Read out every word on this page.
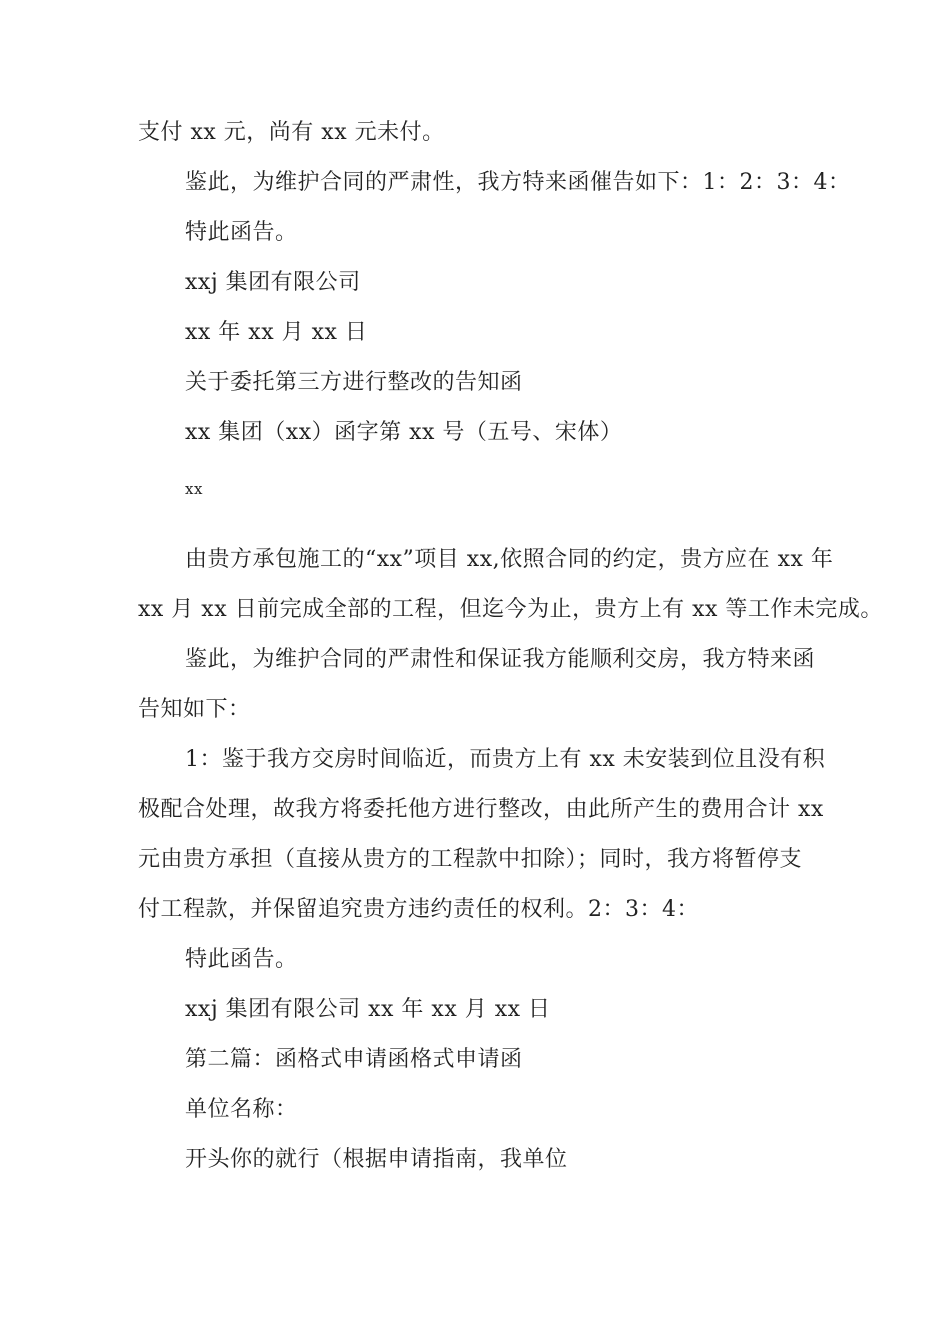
支付 xx 元，尚有 xx 元未付。
鉴此，为维护合同的严肃性，我方特来函催告如下：1：2：3：4：
特此函告。
xxj 集团有限公司
xx 年 xx 月 xx 日
关于委托第三方进行整改的告知函
xx 集团（xx）函字第 xx 号（五号、宋体）
xx
由贵方承包施工的“xx”项目 xx,依照合同的约定，贵方应在 xx 年
xx 月 xx 日前完成全部的工程，但迄今为止，贵方上有 xx 等工作未完成。
鉴此，为维护合同的严肃性和保证我方能顺利交房，我方特来函
告知如下：
1：鉴于我方交房时间临近，而贵方上有 xx 未安装到位且没有积
极配合处理，故我方将委托他方进行整改，由此所产生的费用合计 xx
元由贵方承担（直接从贵方的工程款中扣除）；同时，我方将暂停支
付工程款，并保留追究贵方违约责任的权利。2：3：4：
特此函告。
xxj 集团有限公司 xx 年 xx 月 xx 日
第二篇：函格式申请函格式申请函
单位名称：
开头你的就行（根据申请指南，我单位
